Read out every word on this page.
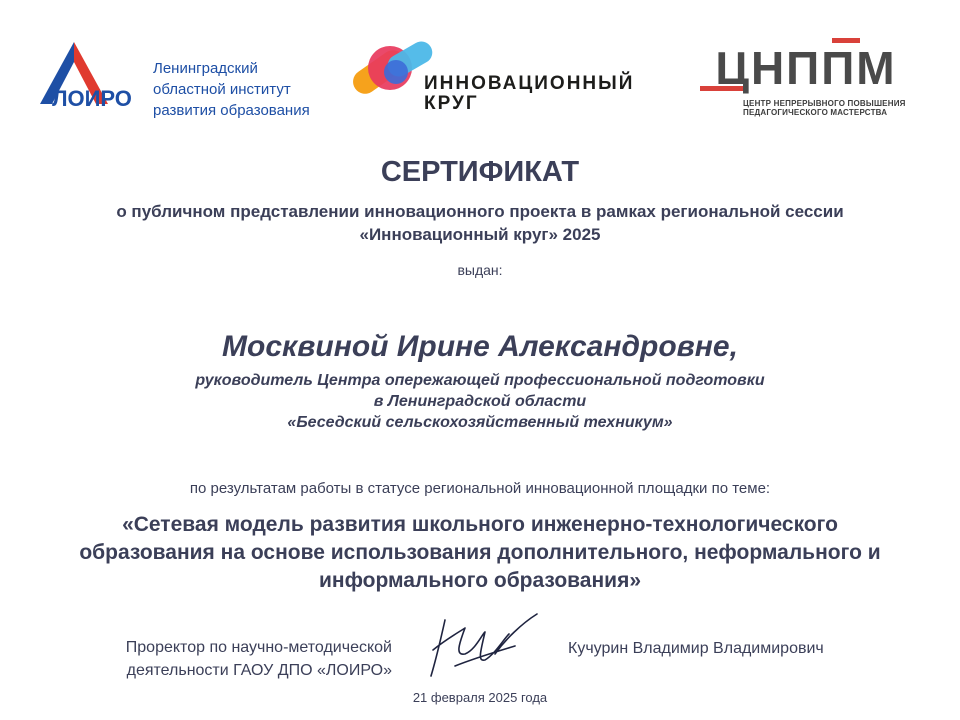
ЛОИРО
Ленинградский
областной институт
развития образования
ИННОВАЦИОННЫЙ
КРУГ
ЦНППМ
ЦЕНТР НЕПРЕРЫВНОГО ПОВЫШЕНИЯ
ПЕДАГОГИЧЕСКОГО МАСТЕРСТВА
СЕРТИФИКАТ
о публичном представлении инновационного проекта в рамках региональной сессии
«Инновационный круг» 2025
выдан:
Москвиной Ирине Александровне,
руководитель Центра опережающей профессиональной подготовки
в Ленинградской области
«Беседский сельскохозяйственный техникум»
по результатам работы в статусе региональной инновационной площадки по теме:
«Сетевая модель развития школьного инженерно-технологического
образования на основе использования дополнительного, неформального и
информального образования»
Проректор по научно-методической
деятельности ГАОУ ДПО «ЛОИРО»
Кучурин Владимир Владимирович
21 февраля 2025 года
